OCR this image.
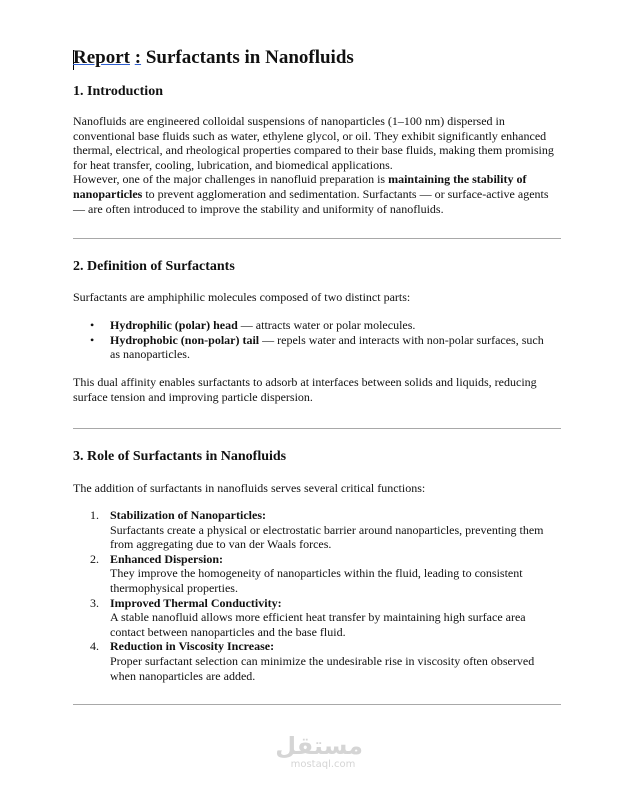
Report : Surfactants in Nanofluids
1. Introduction

Nanofluids are engineered colloidal suspensions of nanoparticles (1–100 nm) dispersed in conventional base fluids such as water, ethylene glycol, or oil. They exhibit significantly enhanced thermal, electrical, and rheological properties compared to their base fluids, making them promising for heat transfer, cooling, lubrication, and biomedical applications.
However, one of the major challenges in nanofluid preparation is maintaining the stability of nanoparticles to prevent agglomeration and sedimentation. Surfactants — or surface-active agents — are often introduced to improve the stability and uniformity of nanofluids.

2. Definition of Surfactants

Surfactants are amphiphilic molecules composed of two distinct parts:

• Hydrophilic (polar) head — attracts water or polar molecules.
• Hydrophobic (non-polar) tail — repels water and interacts with non-polar surfaces, such as nanoparticles.

This dual affinity enables surfactants to adsorb at interfaces between solids and liquids, reducing surface tension and improving particle dispersion.

3. Role of Surfactants in Nanofluids

The addition of surfactants in nanofluids serves several critical functions:

1. Stabilization of Nanoparticles:
Surfactants create a physical or electrostatic barrier around nanoparticles, preventing them from aggregating due to van der Waals forces.
2. Enhanced Dispersion:
They improve the homogeneity of nanoparticles within the fluid, leading to consistent thermophysical properties.
3. Improved Thermal Conductivity:
A stable nanofluid allows more efficient heat transfer by maintaining high surface area contact between nanoparticles and the base fluid.
4. Reduction in Viscosity Increase:
Proper surfactant selection can minimize the undesirable rise in viscosity often observed when nanoparticles are added.
مستقل
mostaql.com
